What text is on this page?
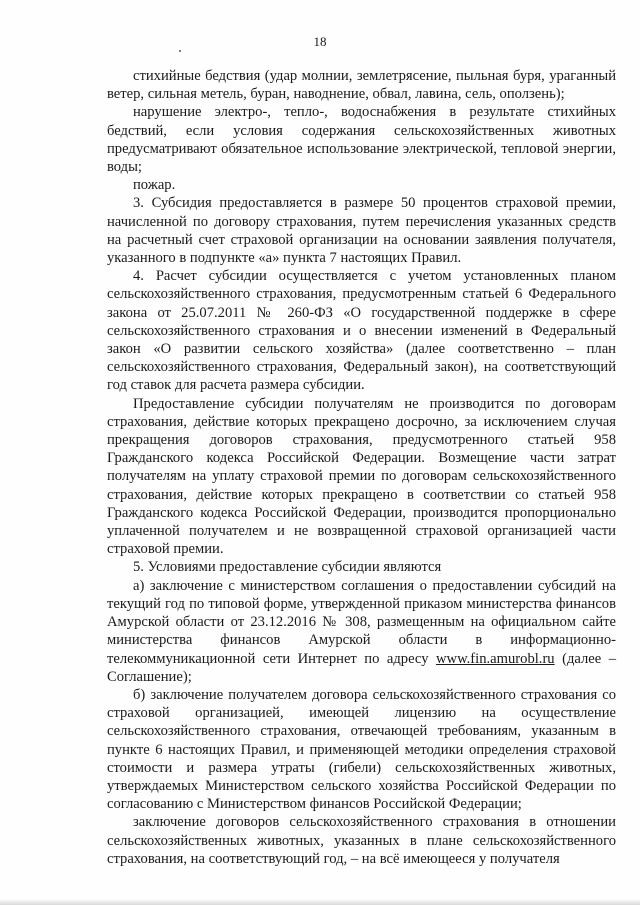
18

стихийные бедствия (удар молнии, землетрясение, пыльная буря, ураганный ветер, сильная метель, буран, наводнение, обвал, лавина, сель, оползень);

нарушение электро-, тепло-, водоснабжения в результате стихийных бедствий, если условия содержания сельскохозяйственных животных предусматривают обязательное использование электрической, тепловой энергии, воды;

пожар.

3. Субсидия предоставляется в размере 50 процентов страховой премии, начисленной по договору страхования, путем перечисления указанных средств на расчетный счет страховой организации на основании заявления получателя, указанного в подпункте «а» пункта 7 настоящих Правил.

4. Расчет субсидии осуществляется с учетом установленных планом сельскохозяйственного страхования, предусмотренным статьей 6 Федерального закона от 25.07.2011 № 260-ФЗ «О государственной поддержке в сфере сельскохозяйственного страхования и о внесении изменений в Федеральный закон «О развитии сельского хозяйства» (далее соответственно – план сельскохозяйственного страхования, Федеральный закон), на соответствующий год ставок для расчета размера субсидии.

Предоставление субсидии получателям не производится по договорам страхования, действие которых прекращено досрочно, за исключением случая прекращения договоров страхования, предусмотренного статьей 958 Гражданского кодекса Российской Федерации. Возмещение части затрат получателям на уплату страховой премии по договорам сельскохозяйственного страхования, действие которых прекращено в соответствии со статьей 958 Гражданского кодекса Российской Федерации, производится пропорционально уплаченной получателем и не возвращенной страховой организацией части страховой премии.

5. Условиями предоставление субсидии являются

а) заключение с министерством соглашения о предоставлении субсидий на текущий год по типовой форме, утвержденной приказом министерства финансов Амурской области от 23.12.2016 № 308, размещенным на официальном сайте министерства финансов Амурской области в информационно-телекоммуникационной сети Интернет по адресу www.fin.amurobl.ru (далее – Соглашение);

б) заключение получателем договора сельскохозяйственного страхования со страховой организацией, имеющей лицензию на осуществление сельскохозяйственного страхования, отвечающей требованиям, указанным в пункте 6 настоящих Правил, и применяющей методики определения страховой стоимости и размера утраты (гибели) сельскохозяйственных животных, утверждаемых Министерством сельского хозяйства Российской Федерации по согласованию с Министерством финансов Российской Федерации;

заключение договоров сельскохозяйственного страхования в отношении сельскохозяйственных животных, указанных в плане сельскохозяйственного страхования, на соответствующий год, – на всё имеющееся у получателя
